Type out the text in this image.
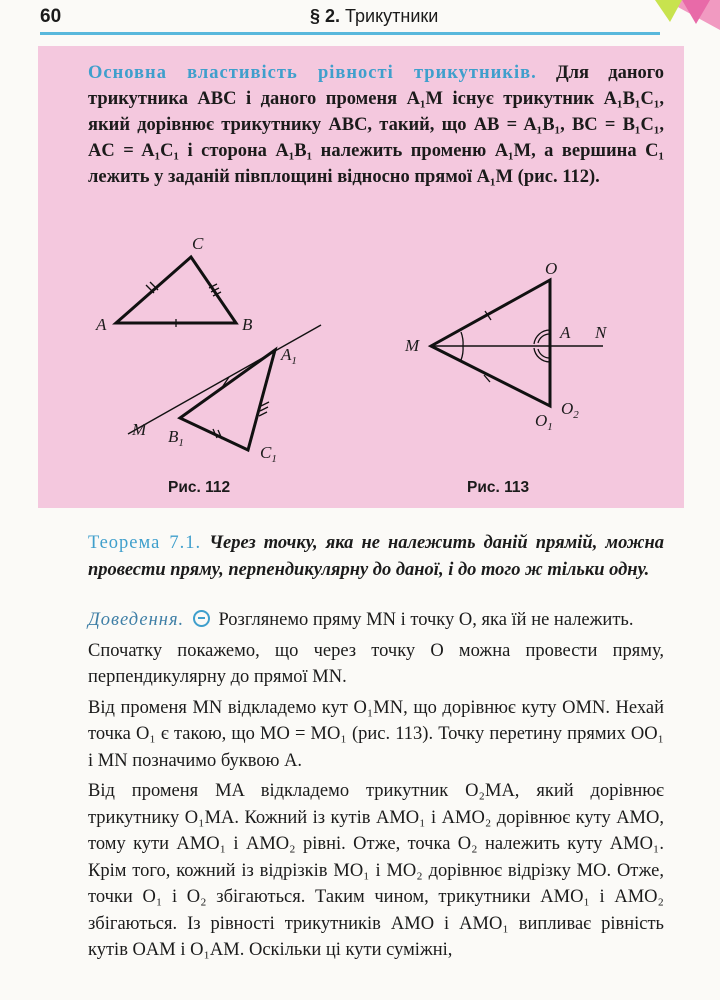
60	§ 2. Трикутники
Основна властивість рівності трикутників. Для даного трикутника ABC і даного променя A₁M існує трикутник A₁B₁C₁, який дорівнює трикутнику ABC, такий, що AB = A₁B₁, BC = B₁C₁, AC = A₁C₁ і сторона A₁B₁ належить променю A₁M, а вершина C₁ лежить у заданій півплощині відносно прямої A₁M (рис. 112).
A
C
B
$A_1$
$B_1$	$C_1$
M
Рис. 112
O
M
A N
$O_1$
$O_2$
Рис. 113
Теорема 7.1. Через точку, яка не належить даній прямій, можна провести пряму, перпендикулярну до даної, і до того ж тільки одну.

Доведення. Розглянемо пряму MN і точку O, яка їй не належить.

Спочатку покажемо, що через точку O можна провести пряму, перпендикулярну до прямої MN.

Від променя MN відкладемо кут O₁MN, що дорівнює куту OMN. Нехай точка O₁ є такою, що MO = MO₁ (рис. 113). Точку перетину прямих OO₁ і MN позначимо буквою A.

Від променя MA відкладемо трикутник O₂MA, який дорівнює трикутнику O₁MA. Кожний із кутів AMO₁ і AMO₂ дорівнює куту AMO, тому кути AMO₁ і AMO₂ рівні. Отже, точка O₂ належить куту AMO₁. Крім того, кожний із відрізків MO₁ і MO₂ дорівнює відрізку MO. Отже, точки O₁ і O₂ збігаються. Таким чином, трикутники AMO₁ і AMO₂ збігаються. Із рівності трикутників AMO і AMO₁ випливає рівність кутів OAM і O₁AM. Оскільки ці кути суміжні,
